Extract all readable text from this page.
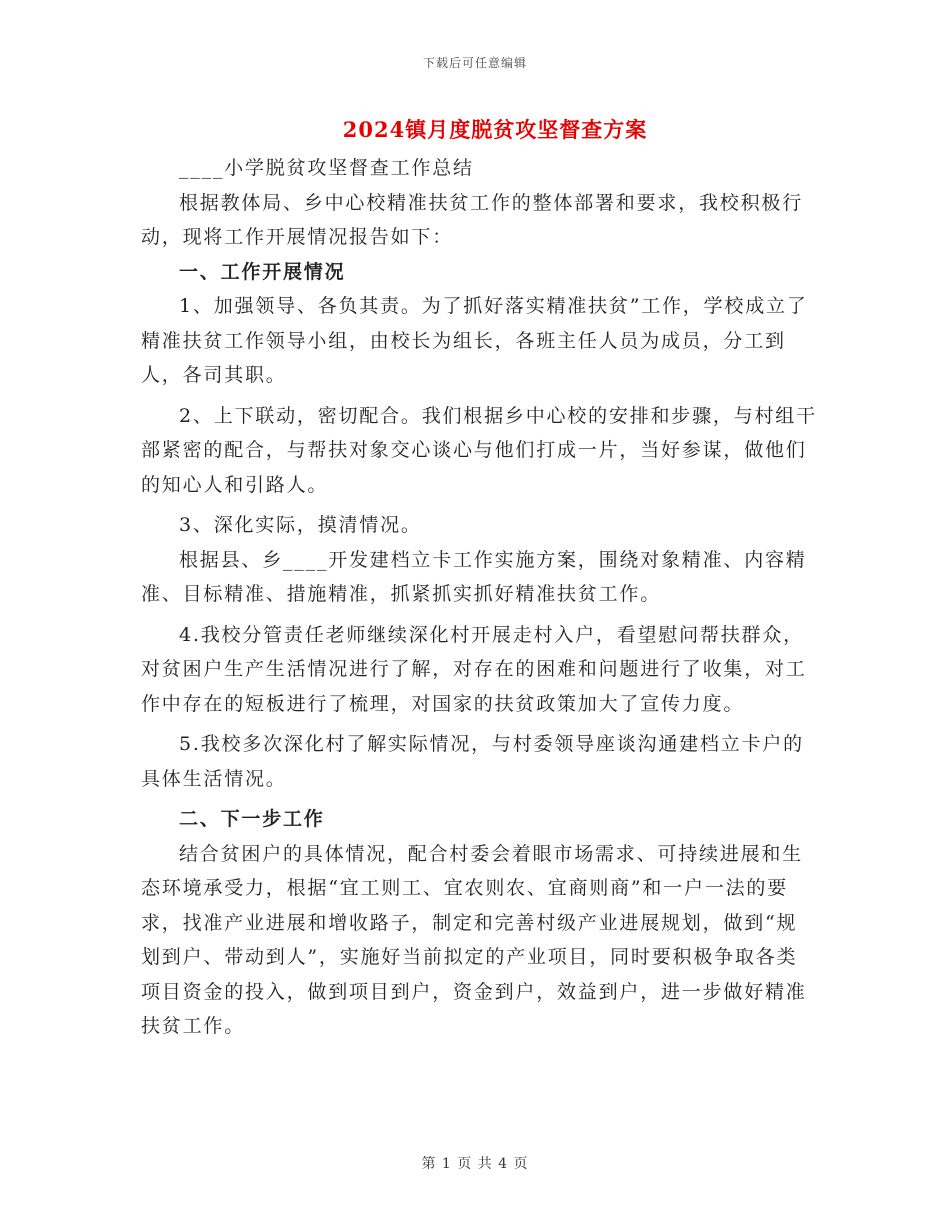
下载后可任意编辑
2024镇月度脱贫攻坚督查方案

____小学脱贫攻坚督查工作总结

根据教体局、乡中心校精准扶贫工作的整体部署和要求，我校积极行动，现将工作开展情况报告如下：

一、工作开展情况

1、加强领导、各负其责。为了抓好落实精准扶贫”工作，学校成立了精准扶贫工作领导小组，由校长为组长，各班主任人员为成员，分工到人，各司其职。

2、上下联动，密切配合。我们根据乡中心校的安排和步骤，与村组干部紧密的配合，与帮扶对象交心谈心与他们打成一片，当好参谋，做他们的知心人和引路人。

3、深化实际，摸清情况。

根据县、乡____开发建档立卡工作实施方案，围绕对象精准、内容精准、目标精准、措施精准，抓紧抓实抓好精准扶贫工作。

4.我校分管责任老师继续深化村开展走村入户，看望慰问帮扶群众，对贫困户生产生活情况进行了解，对存在的困难和问题进行了收集，对工作中存在的短板进行了梳理，对国家的扶贫政策加大了宣传力度。

5.我校多次深化村了解实际情况，与村委领导座谈沟通建档立卡户的具体生活情况。

二、下一步工作

结合贫困户的具体情况，配合村委会着眼市场需求、可持续进展和生态环境承受力，根据“宜工则工、宜农则农、宜商则商”和一户一法的要求，找准产业进展和增收路子，制定和完善村级产业进展规划，做到“规划到户、带动到人”，实施好当前拟定的产业项目，同时要积极争取各类项目资金的投入，做到项目到户，资金到户，效益到户，进一步做好精准扶贫工作。

第 1 页 共 4 页
